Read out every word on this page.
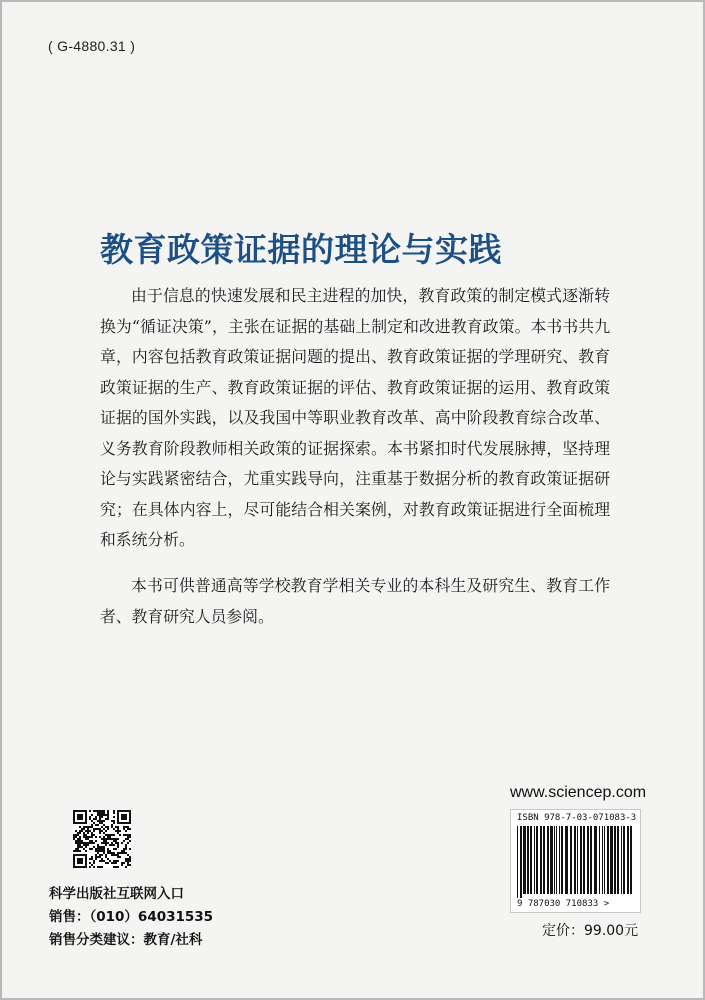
( G-4880.31 )
教育政策证据的理论与实践

由于信息的快速发展和民主进程的加快，教育政策的制定模式逐渐转换为“循证决策”，主张在证据的基础上制定和改进教育政策。本书书共九章，内容包括教育政策证据问题的提出、教育政策证据的学理研究、教育政策证据的生产、教育政策证据的评估、教育政策证据的运用、教育政策证据的国外实践，以及我国中等职业教育改革、高中阶段教育综合改革、义务教育阶段教师相关政策的证据探索。本书紧扣时代发展脉搏，坚持理论与实践紧密结合，尤重实践导向，注重基于数据分析的教育政策证据研究；在具体内容上，尽可能结合相关案例，对教育政策证据进行全面梳理和系统分析。

本书可供普通高等学校教育学相关专业的本科生及研究生、教育工作者、教育研究人员参阅。

www.sciencep.com
ISBN 978-7-03-071083-3
9 787030 710833 >
定价：99.00元
科学出版社互联网入口
销售：（010）64031535
销售分类建议：教育/社科
